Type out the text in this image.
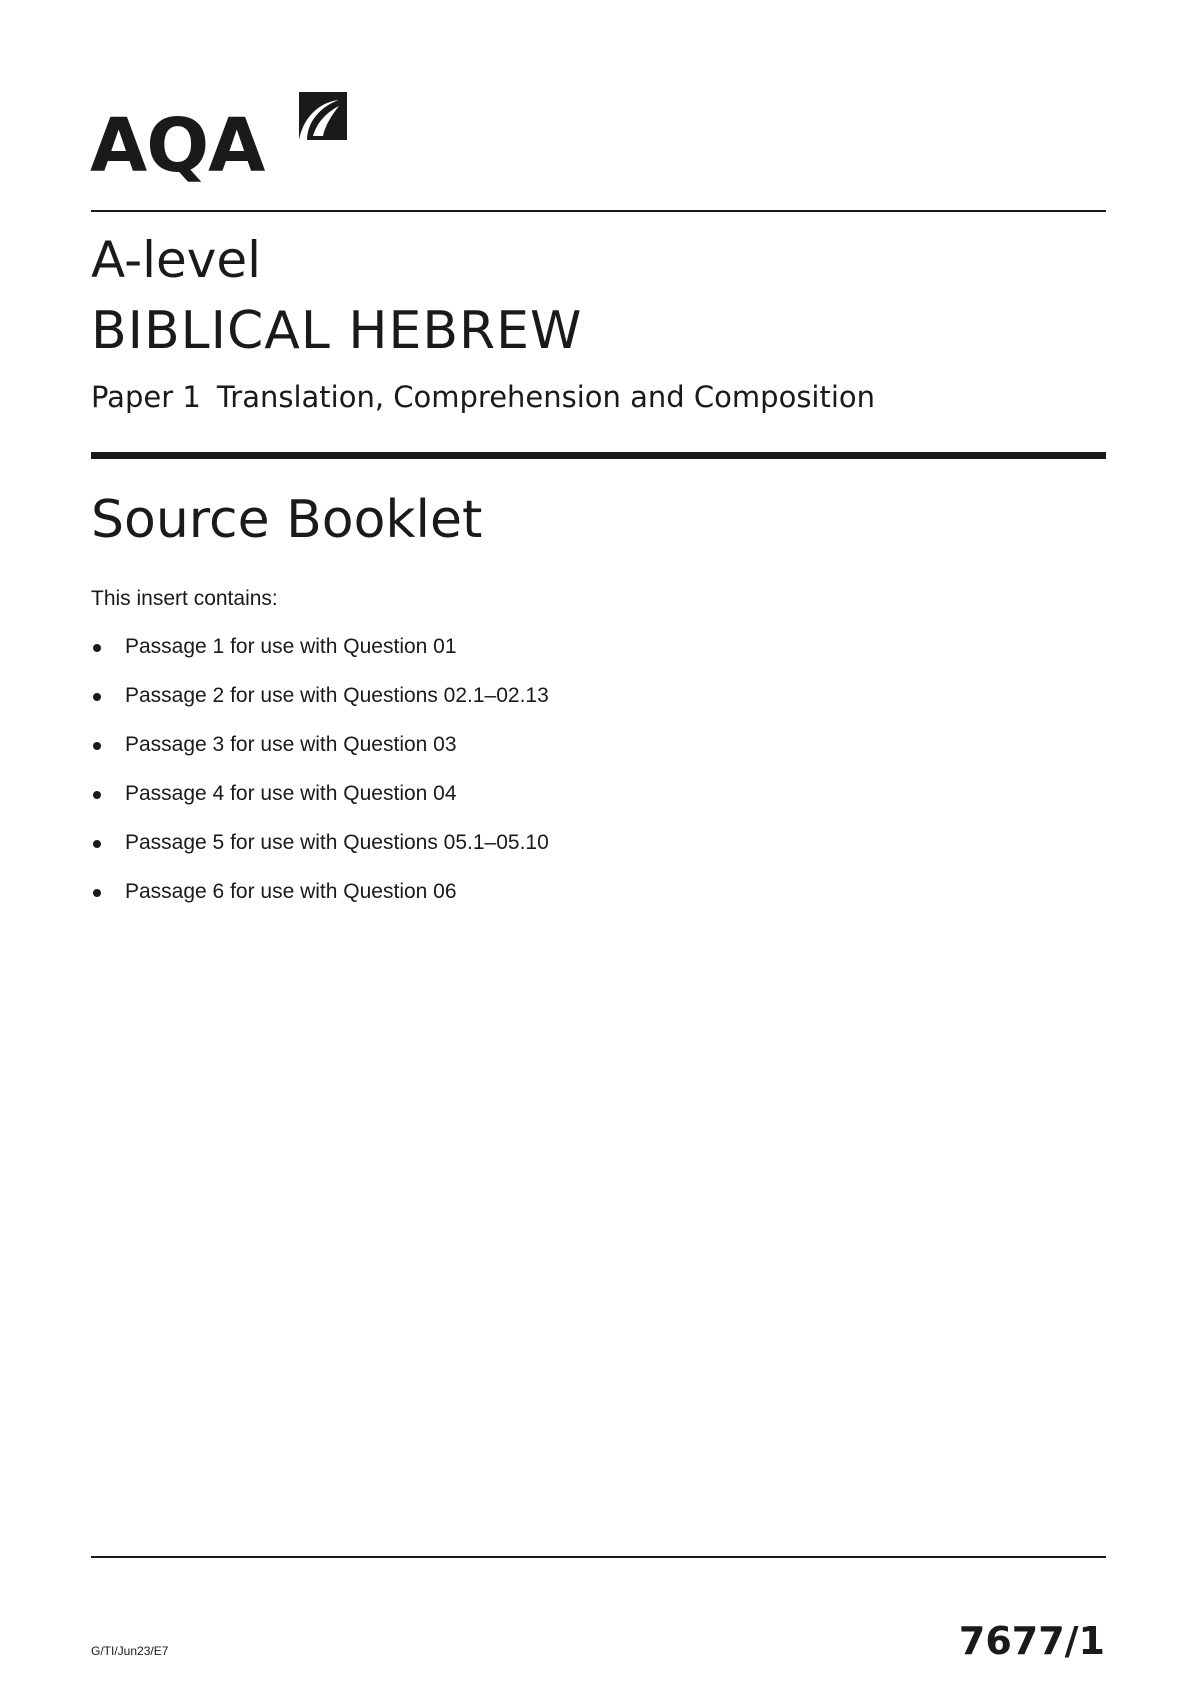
AQA
A-level
BIBLICAL HEBREW
Paper 1 Translation, Comprehension and Composition
Source Booklet
This insert contains:
Passage 1 for use with Question 01
Passage 2 for use with Questions 02.1–02.13
Passage 3 for use with Question 03
Passage 4 for use with Question 04
Passage 5 for use with Questions 05.1–05.10
Passage 6 for use with Question 06
G/TI/Jun23/E7	7677/1
